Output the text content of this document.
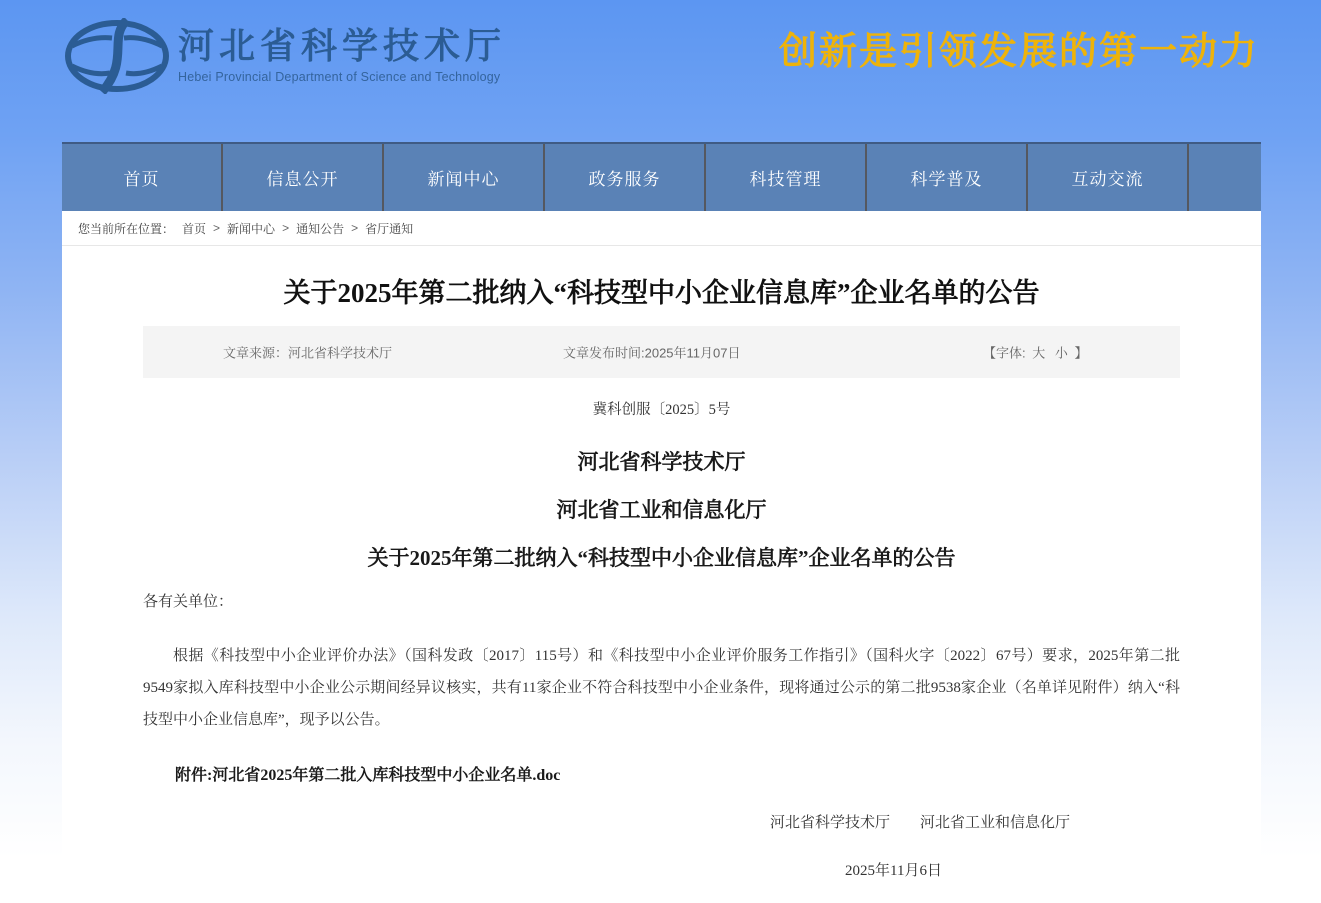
河北省科学技术厅
Hebei Provincial Department of Science and Technology
创新是引领发展的第一动力
首页	信息公开	新闻中心	政务服务	科技管理	科学普及	互动交流
您当前所在位置： 首页 > 新闻中心 > 通知公告 > 省厅通知
关于2025年第二批纳入“科技型中小企业信息库”企业名单的公告
文章来源：河北省科学技术厅	文章发布时间:2025年11月07日	【字体: 大 小 】

冀科创服〔2025〕5号

河北省科学技术厅

河北省工业和信息化厅

关于2025年第二批纳入“科技型中小企业信息库”企业名单的公告

各有关单位：

根据《科技型中小企业评价办法》（国科发政〔2017〕115号）和《科技型中小企业评价服务工作指引》（国科火字〔2022〕67号）要求，2025年第二批9549家拟入库科技型中小企业公示期间经异议核实，共有11家企业不符合科技型中小企业条件，现将通过公示的第二批9538家企业（名单详见附件）纳入“科技型中小企业信息库”，现予以公告。

附件:河北省2025年第二批入库科技型中小企业名单.doc

河北省科学技术厅　　河北省工业和信息化厅

2025年11月6日
